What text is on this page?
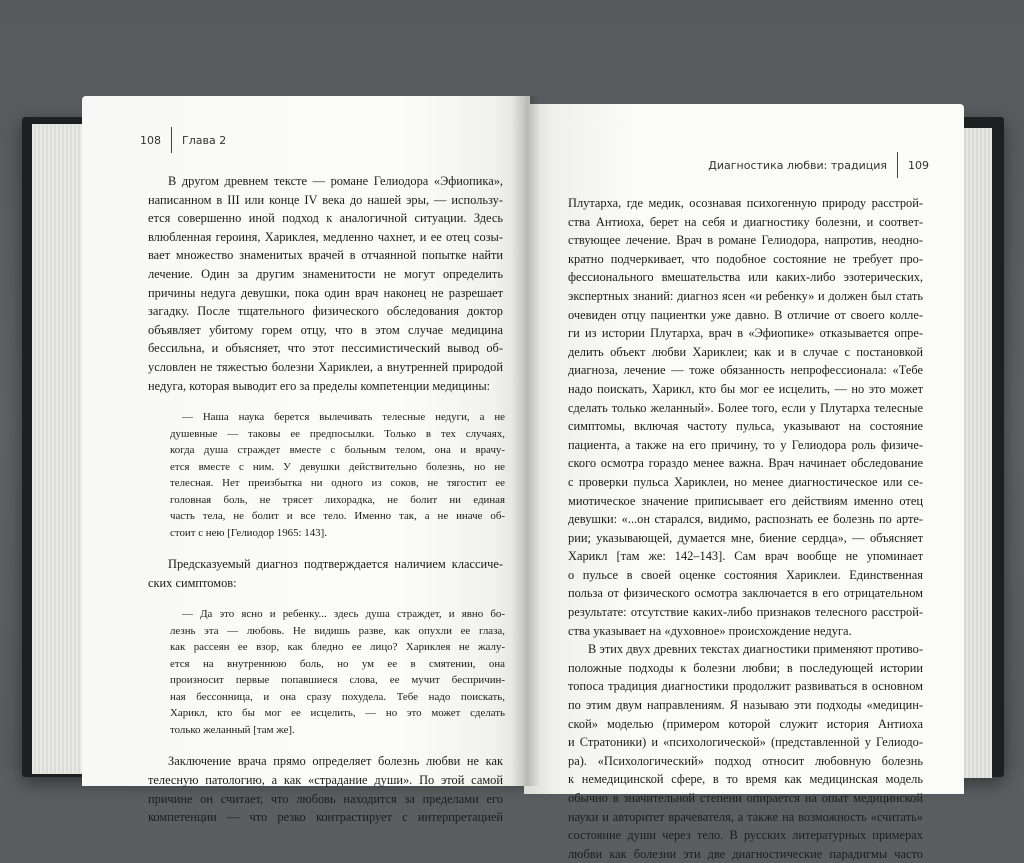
108 Глава 2

В другом древнем тексте — романе Гелиодора «Эфиопика»,
написанном в III или конце IV века до нашей эры, — использу-
ется совершенно иной подход к аналогичной ситуации. Здесь
влюбленная героиня, Хариклея, медленно чахнет, и ее отец созы-
вает множество знаменитых врачей в отчаянной попытке найти
лечение. Один за другим знаменитости не могут определить
причины недуга девушки, пока один врач наконец не разрешает
загадку. После тщательного физического обследования доктор
объявляет убитому горем отцу, что в этом случае медицина
бессильна, и объясняет, что этот пессимистический вывод об-
условлен не тяжестью болезни Хариклеи, а внутренней природой
недуга, которая выводит его за пределы компетенции медицины:

— Наша наука берется вылечивать телесные недуги, а не
душевные — таковы ее предпосылки. Только в тех случаях,
когда душа страждет вместе с больным телом, она и врачу-
ется вместе с ним. У девушки действительно болезнь, но не
телесная. Нет преизбытка ни одного из соков, не тягостит ее
головная боль, не трясет лихорадка, не болит ни единая
часть тела, не болит и все тело. Именно так, а не иначе об-
стоит с нею [Гелиодор 1965: 143].

Предсказуемый диагноз подтверждается наличием классиче-
ских симптомов:

— Да это ясно и ребенку... здесь душа страждет, и явно бо-
лезнь эта — любовь. Не видишь разве, как опухли ее глаза,
как рассеян ее взор, как бледно ее лицо? Хариклея не жалу-
ется на внутреннюю боль, но ум ее в смятении, она
произносит первые попавшиеся слова, ее мучит беспричин-
ная бессонница, и она сразу похудела. Тебе надо поискать,
Харикл, кто бы мог ее исцелить, — но это может сделать
только желанный [там же].

Заключение врача прямо определяет болезнь любви не как
телесную патологию, а как «страдание души». По этой самой
причине он считает, что любовь находится за пределами его
компетенции — что резко контрастирует с интерпретацией

Диагностика любви: традиция 109

Плутарха, где медик, осознавая психогенную природу расстрой-
ства Антиоха, берет на себя и диагностику болезни, и соответ-
ствующее лечение. Врач в романе Гелиодора, напротив, неодно-
кратно подчеркивает, что подобное состояние не требует про-
фессионального вмешательства или каких-либо эзотерических,
экспертных знаний: диагноз ясен «и ребенку» и должен был стать
очевиден отцу пациентки уже давно. В отличие от своего колле-
ги из истории Плутарха, врач в «Эфиопике» отказывается опре-
делить объект любви Хариклеи; как и в случае с постановкой
диагноза, лечение — тоже обязанность непрофессионала: «Тебе
надо поискать, Харикл, кто бы мог ее исцелить, — но это может
сделать только желанный». Более того, если у Плутарха телесные
симптомы, включая частоту пульса, указывают на состояние
пациента, а также на его причину, то у Гелиодора роль физиче-
ского осмотра гораздо менее важна. Врач начинает обследование
с проверки пульса Хариклеи, но менее диагностическое или се-
миотическое значение приписывает его действиям именно отец
девушки: «...он старался, видимо, распознать ее болезнь по арте-
рии; указывающей, думается мне, биение сердца», — объясняет
Харикл [там же: 142–143]. Сам врач вообще не упоминает
о пульсе в своей оценке состояния Хариклеи. Единственная
польза от физического осмотра заключается в его отрицательном
результате: отсутствие каких-либо признаков телесного расстрой-
ства указывает на «духовное» происхождение недуга.

В этих двух древних текстах диагностики применяют противо-
положные подходы к болезни любви; в последующей истории
топоса традиция диагностики продолжит развиваться в основном
по этим двум направлениям. Я называю эти подходы «медицин-
ской» моделью (примером которой служит история Антиоха
и Стратоники) и «психологической» (представленной у Гелиодо-
ра). «Психологический» подход относит любовную болезнь
к немедицинской сфере, в то время как медицинская модель
обычно в значительной степени опирается на опыт медицинской
науки и авторитет врачевателя, а также на возможность «считать»
состояние души через тело. В русских литературных примерах
любви как болезни эти две диагностические парадигмы часто
